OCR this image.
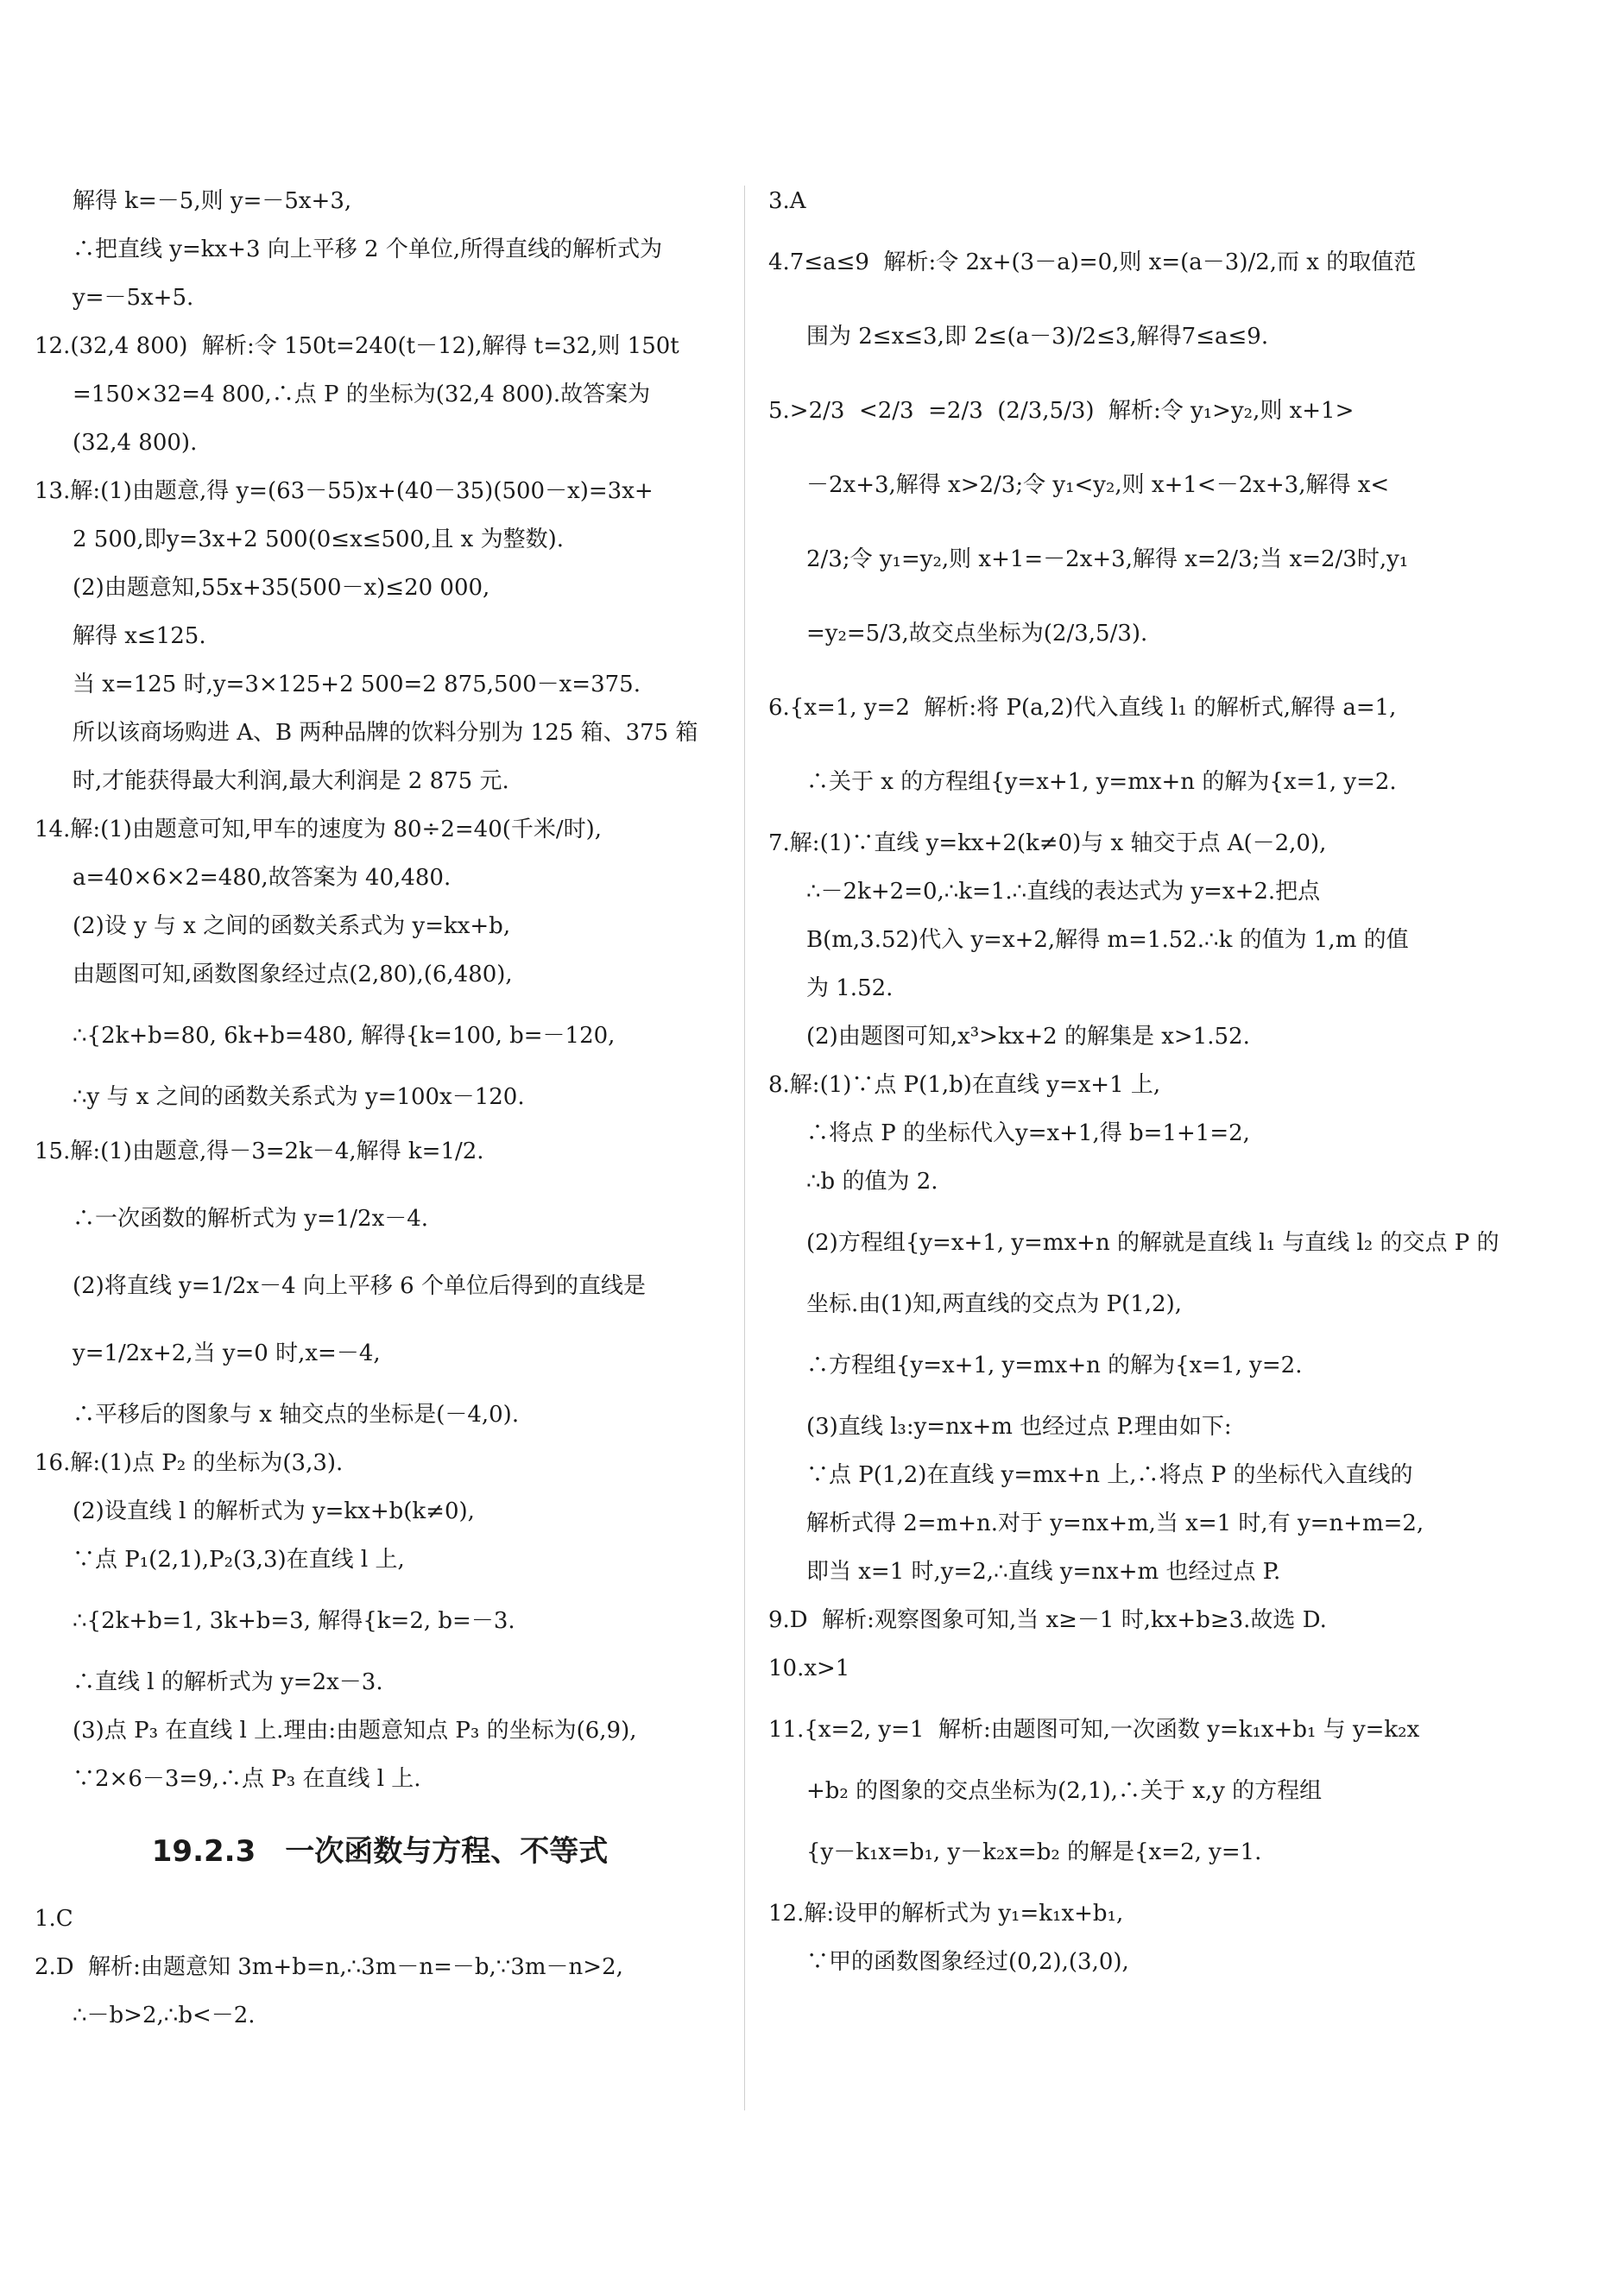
解得 k=－5,则 y=－5x+3,

∴把直线 y=kx+3 向上平移 2 个单位,所得直线的解析式为

y=－5x+5.

12.(32,4 800)  解析:令 150t=240(t－12),解得 t=32,则 150t

=150×32=4 800,∴点 P 的坐标为(32,4 800).故答案为

(32,4 800).

13.解:(1)由题意,得 y=(63－55)x+(40－35)(500－x)=3x+

2 500,即y=3x+2 500(0≤x≤500,且 x 为整数).

(2)由题意知,55x+35(500－x)≤20 000,

解得 x≤125.

当 x=125 时,y=3×125+2 500=2 875,500－x=375.

所以该商场购进 A、B 两种品牌的饮料分别为 125 箱、375 箱

时,才能获得最大利润,最大利润是 2 875 元.

14.解:(1)由题意可知,甲车的速度为 80÷2=40(千米/时),

a=40×6×2=480,故答案为 40,480.

(2)设 y 与 x 之间的函数关系式为 y=kx+b,

由题图可知,函数图象经过点(2,80),(6,480),

∴{2k+b=80, 6k+b=480, 解得{k=100, b=－120,

∴y 与 x 之间的函数关系式为 y=100x－120.

15.解:(1)由题意,得－3=2k－4,解得 k=1/2.

∴一次函数的解析式为 y=1/2x－4.

(2)将直线 y=1/2x－4 向上平移 6 个单位后得到的直线是

y=1/2x+2,当 y=0 时,x=－4,

∴平移后的图象与 x 轴交点的坐标是(－4,0).

16.解:(1)点 P₂ 的坐标为(3,3).

(2)设直线 l 的解析式为 y=kx+b(k≠0),

∵点 P₁(2,1),P₂(3,3)在直线 l 上,

∴{2k+b=1, 3k+b=3, 解得{k=2, b=－3.

∴直线 l 的解析式为 y=2x－3.

(3)点 P₃ 在直线 l 上.理由:由题意知点 P₃ 的坐标为(6,9),

∵2×6－3=9,∴点 P₃ 在直线 l 上.

19.2.3　一次函数与方程、不等式

1.C

2.D  解析:由题意知 3m+b=n,∴3m－n=－b,∵3m－n>2,

∴－b>2,∴b<－2.

3.A

4.7≤a≤9  解析:令 2x+(3－a)=0,则 x=(a－3)/2,而 x 的取值范

围为 2≤x≤3,即 2≤(a－3)/2≤3,解得7≤a≤9.

5.>2/3  <2/3  =2/3  (2/3,5/3)  解析:令 y₁>y₂,则 x+1>

－2x+3,解得 x>2/3;令 y₁<y₂,则 x+1<－2x+3,解得 x<

2/3;令 y₁=y₂,则 x+1=－2x+3,解得 x=2/3;当 x=2/3时,y₁

=y₂=5/3,故交点坐标为(2/3,5/3).

6.{x=1, y=2  解析:将 P(a,2)代入直线 l₁ 的解析式,解得 a=1,

∴关于 x 的方程组{y=x+1, y=mx+n 的解为{x=1, y=2.

7.解:(1)∵直线 y=kx+2(k≠0)与 x 轴交于点 A(－2,0),

∴－2k+2=0,∴k=1.∴直线的表达式为 y=x+2.把点

B(m,3.52)代入 y=x+2,解得 m=1.52.∴k 的值为 1,m 的值

为 1.52.

(2)由题图可知,x³>kx+2 的解集是 x>1.52.

8.解:(1)∵点 P(1,b)在直线 y=x+1 上,

∴将点 P 的坐标代入y=x+1,得 b=1+1=2,

∴b 的值为 2.

(2)方程组{y=x+1, y=mx+n 的解就是直线 l₁ 与直线 l₂ 的交点 P 的

坐标.由(1)知,两直线的交点为 P(1,2),

∴方程组{y=x+1, y=mx+n 的解为{x=1, y=2.

(3)直线 l₃:y=nx+m 也经过点 P.理由如下:

∵点 P(1,2)在直线 y=mx+n 上,∴将点 P 的坐标代入直线的

解析式得 2=m+n.对于 y=nx+m,当 x=1 时,有 y=n+m=2,

即当 x=1 时,y=2,∴直线 y=nx+m 也经过点 P.

9.D  解析:观察图象可知,当 x≥－1 时,kx+b≥3.故选 D.

10.x>1

11.{x=2, y=1  解析:由题图可知,一次函数 y=k₁x+b₁ 与 y=k₂x

+b₂ 的图象的交点坐标为(2,1),∴关于 x,y 的方程组

{y－k₁x=b₁, y－k₂x=b₂ 的解是{x=2, y=1.

12.解:设甲的解析式为 y₁=k₁x+b₁,

∵甲的函数图象经过(0,2),(3,0),
